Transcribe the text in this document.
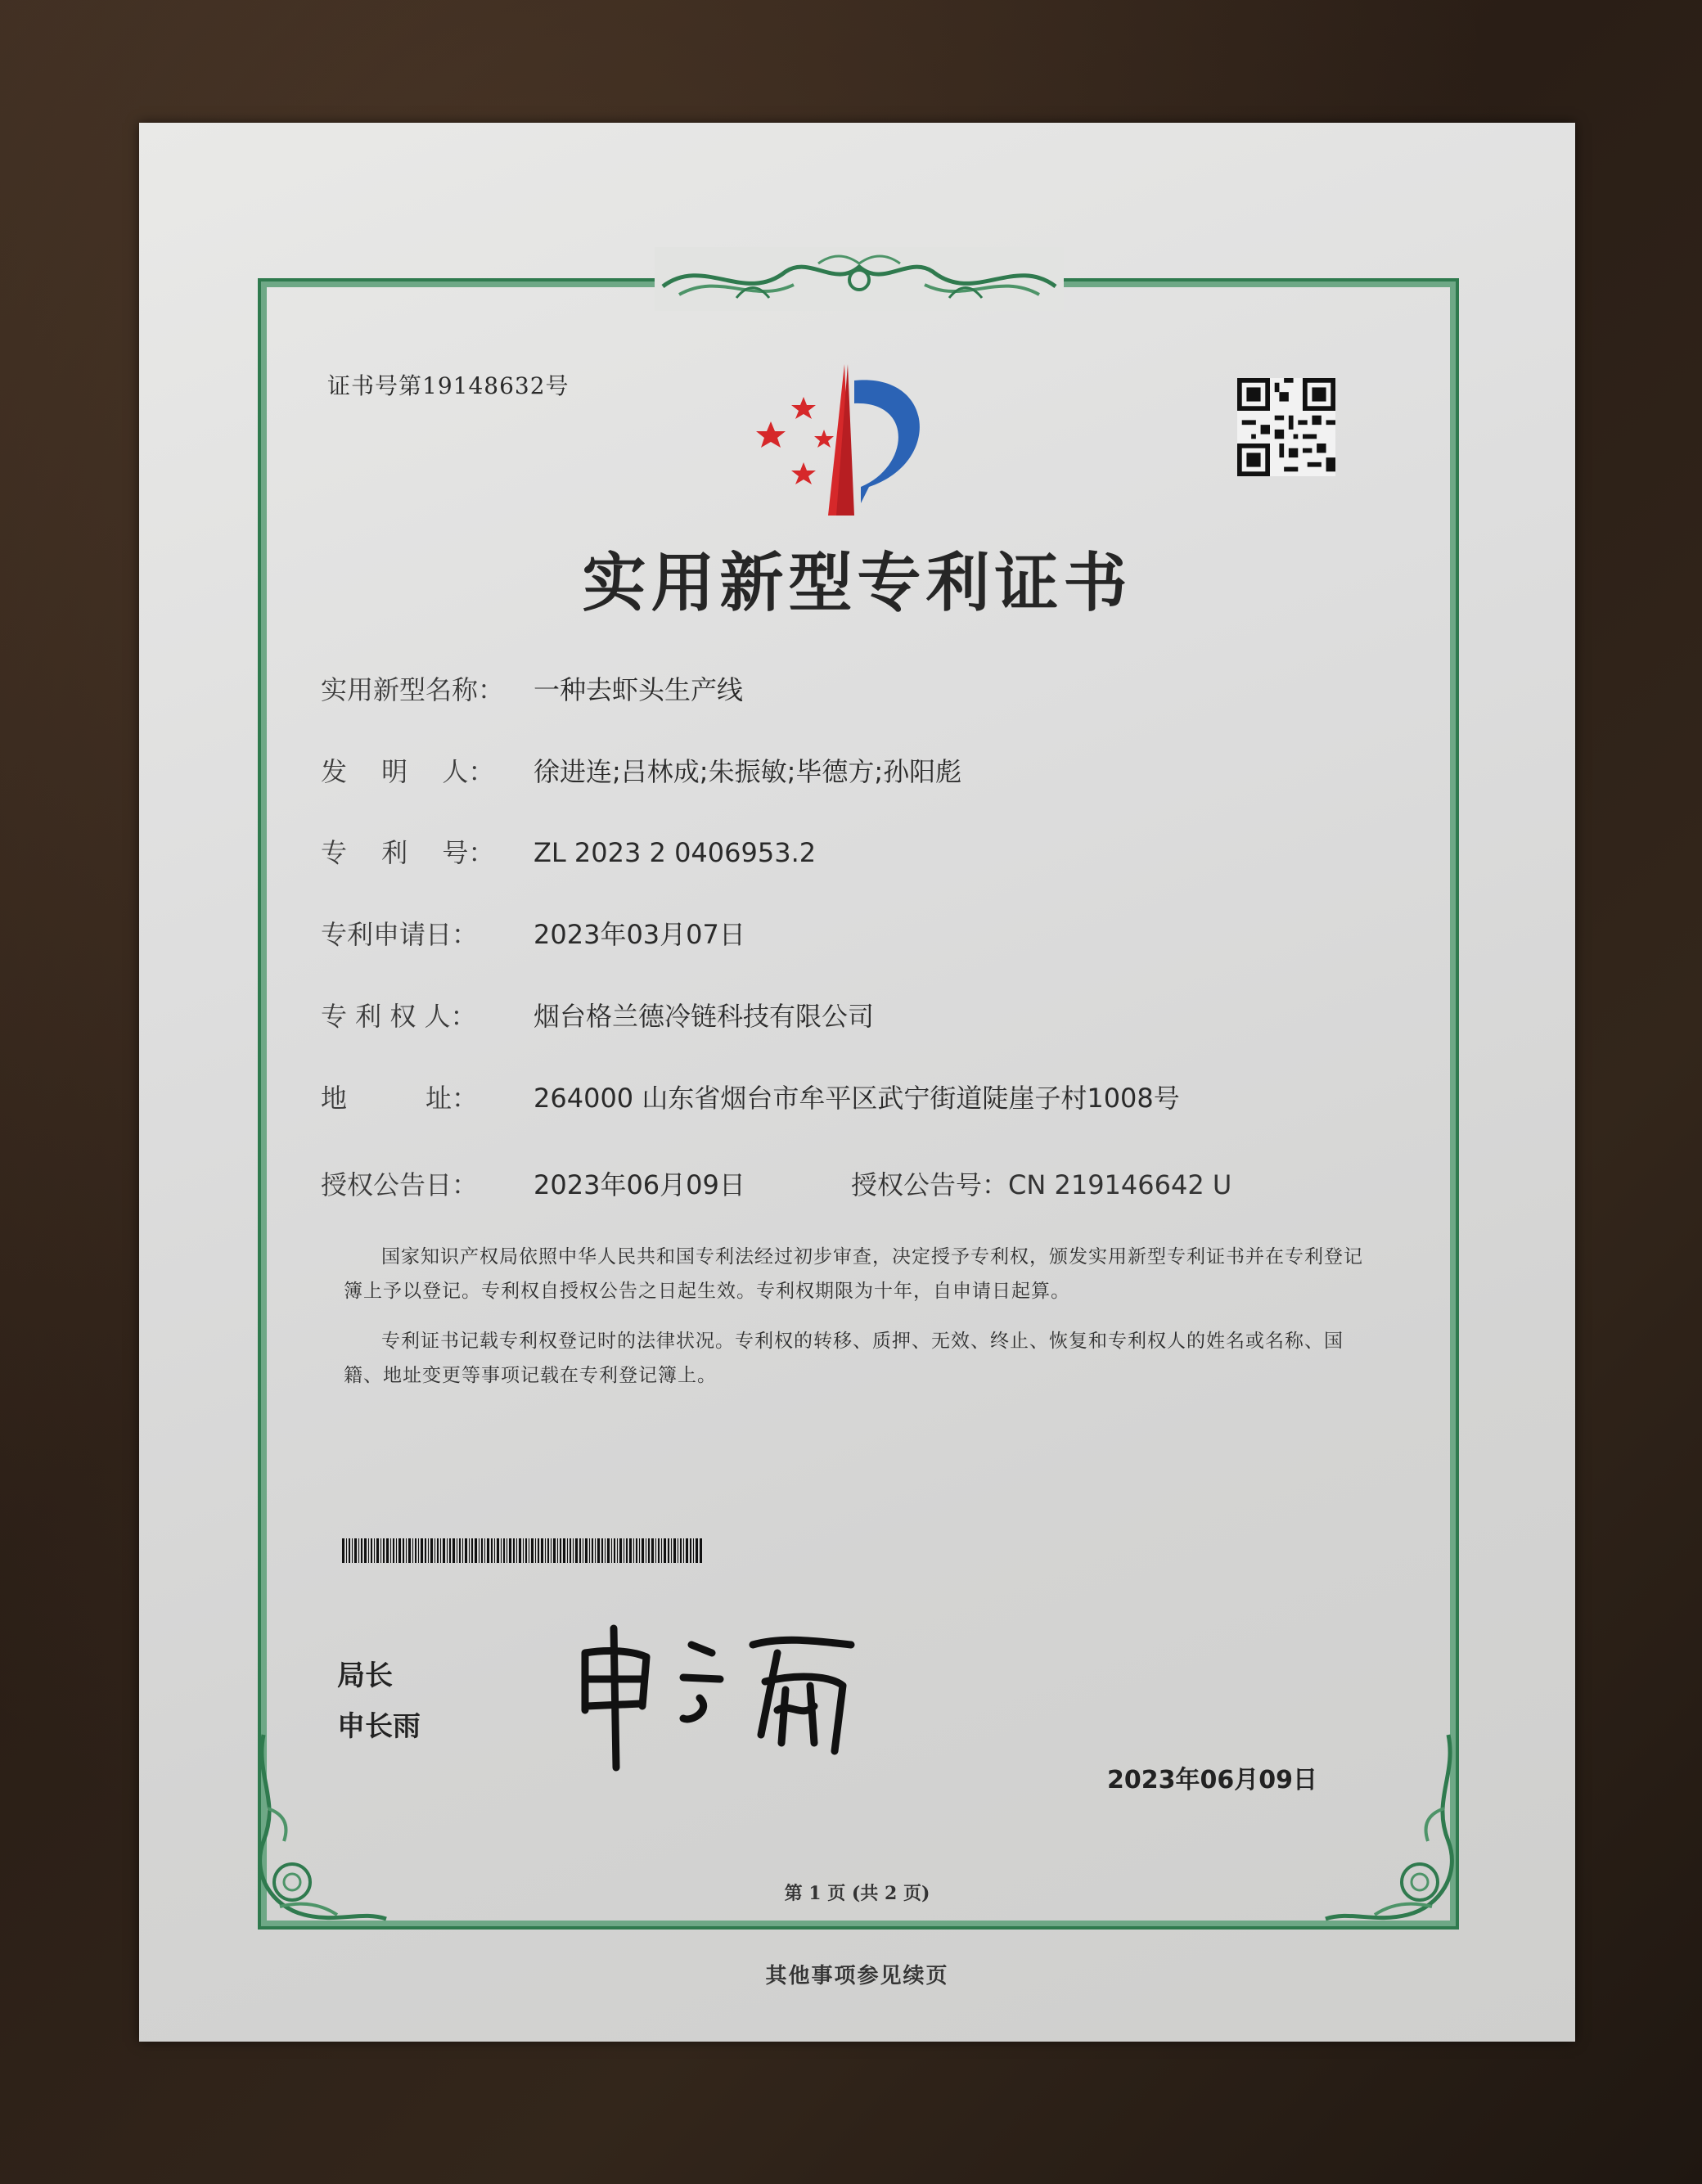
证书号第19148632号
实用新型专利证书
实用新型名称： 一种去虾头生产线
发　 明 　人： 徐进连;吕林成;朱振敏;毕德方;孙阳彪
专　 利 　号： ZL 2023 2 0406953.2
专利申请日： 2023年03月07日
专 利 权 人： 烟台格兰德冷链科技有限公司
地　　　址： 264000 山东省烟台市牟平区武宁街道陡崖子村1008号
授权公告日： 2023年06月09日	授权公告号：CN 219146642 U
国家知识产权局依照中华人民共和国专利法经过初步审查，决定授予专利权，颁发实用新型专利证书并在专利登记簿上予以登记。专利权自授权公告之日起生效。专利权期限为十年，自申请日起算。
专利证书记载专利权登记时的法律状况。专利权的转移、质押、无效、终止、恢复和专利权人的姓名或名称、国籍、地址变更等事项记载在专利登记簿上。
局长
申长雨
2023年06月09日
第 1 页 (共 2 页)
其他事项参见续页
